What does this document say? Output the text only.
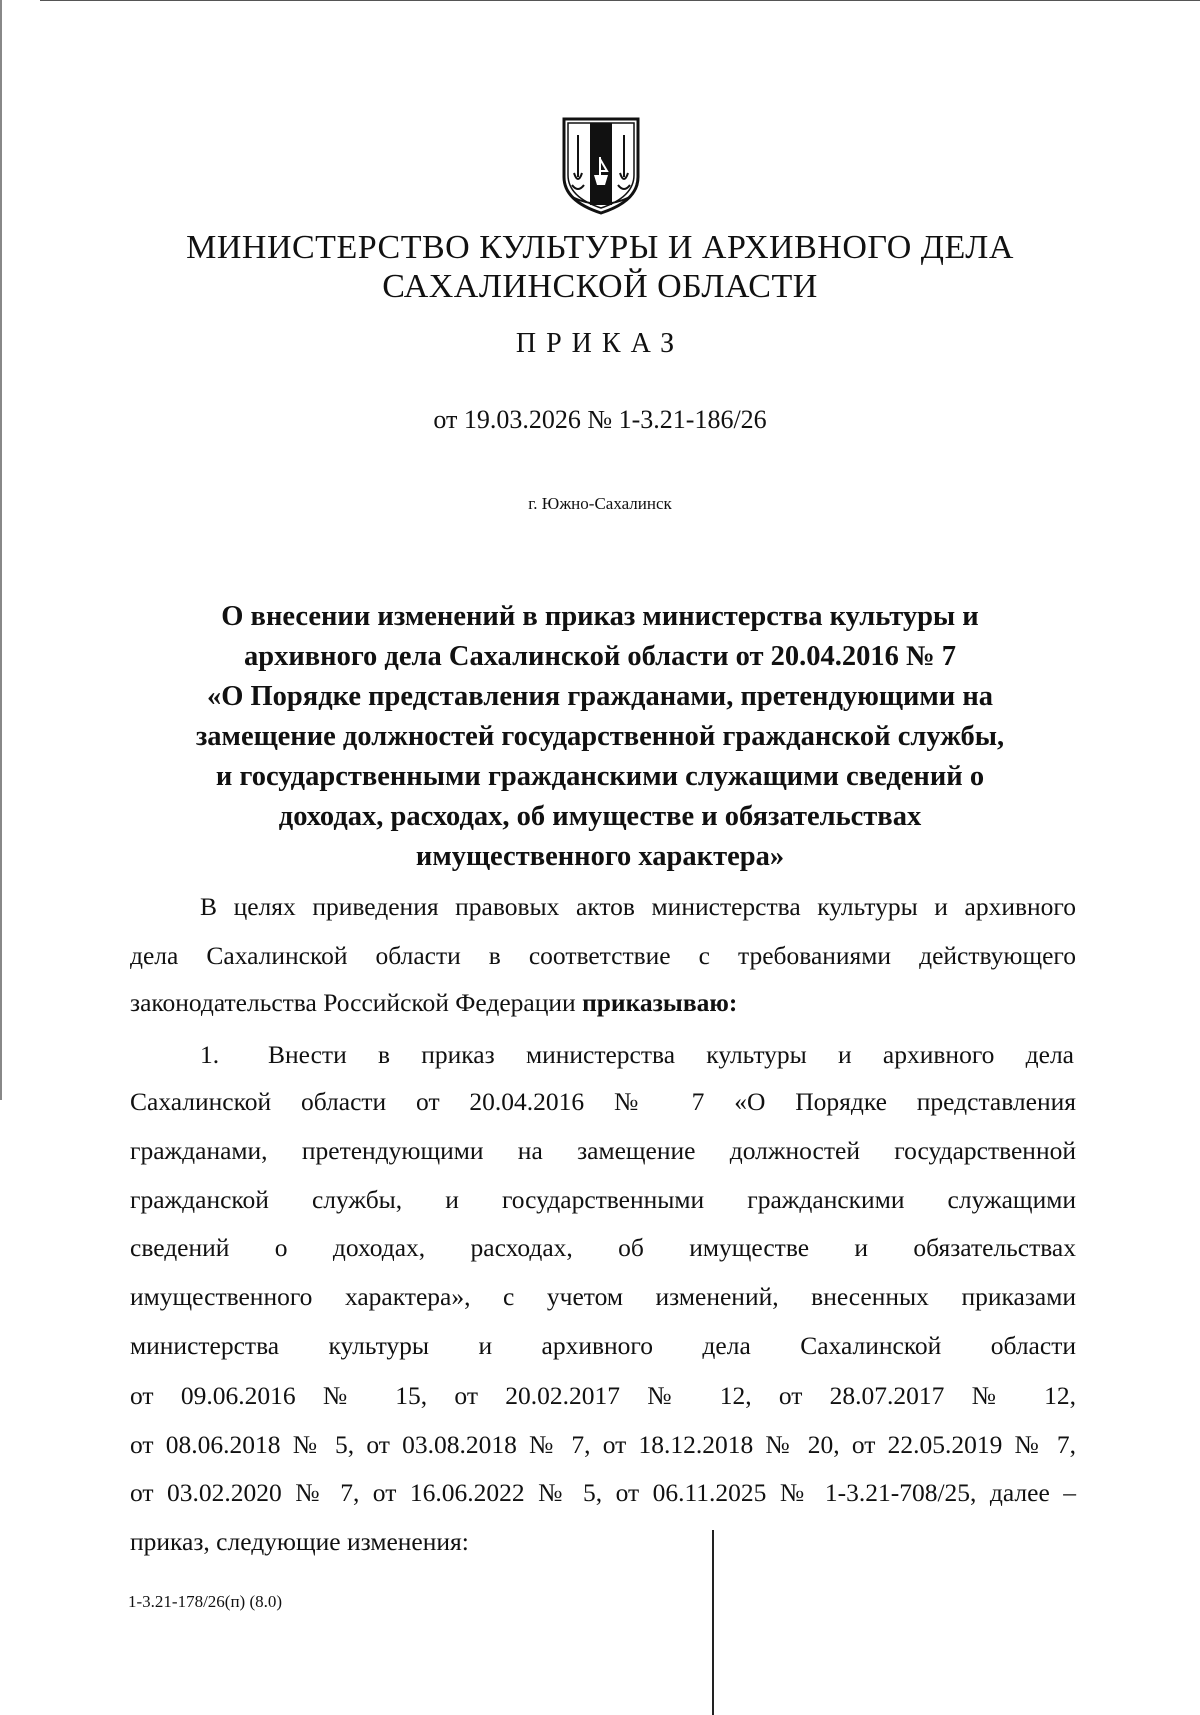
МИНИСТЕРСТВО КУЛЬТУРЫ И АРХИВНОГО ДЕЛА
САХАЛИНСКОЙ ОБЛАСТИ
ПРИКАЗ
от 19.03.2026 № 1-3.21-186/26
г. Южно-Сахалинск
О внесении изменений в приказ министерства культуры и
архивного дела Сахалинской области от 20.04.2016 № 7
«О Порядке представления гражданами, претендующими на
замещение должностей государственной гражданской службы,
и государственными гражданскими служащими сведений о
доходах, расходах, об имуществе и обязательствах
имущественного характера»
В целях приведения правовых актов министерства культуры и архивного
дела Сахалинской области в соответствие с требованиями действующего
законодательства Российской Федерации приказываю:
1. Внести в приказ министерства культуры и архивного дела
Сахалинской области от 20.04.2016 № 7 «О Порядке представления
гражданами, претендующими на замещение должностей государственной
гражданской службы, и государственными гражданскими служащими
сведений о доходах, расходах, об имуществе и обязательствах
имущественного характера», с учетом изменений, внесенных приказами
министерства культуры и архивного дела Сахалинской области
от 09.06.2016 № 15, от 20.02.2017 № 12, от 28.07.2017 № 12,
от 08.06.2018 № 5, от 03.08.2018 № 7, от 18.12.2018 № 20, от 22.05.2019 № 7,
от 03.02.2020 № 7, от 16.06.2022 № 5, от 06.11.2025 № 1-3.21-708/25, далее –
приказ, следующие изменения:
1-3.21-178/26(п) (8.0)
